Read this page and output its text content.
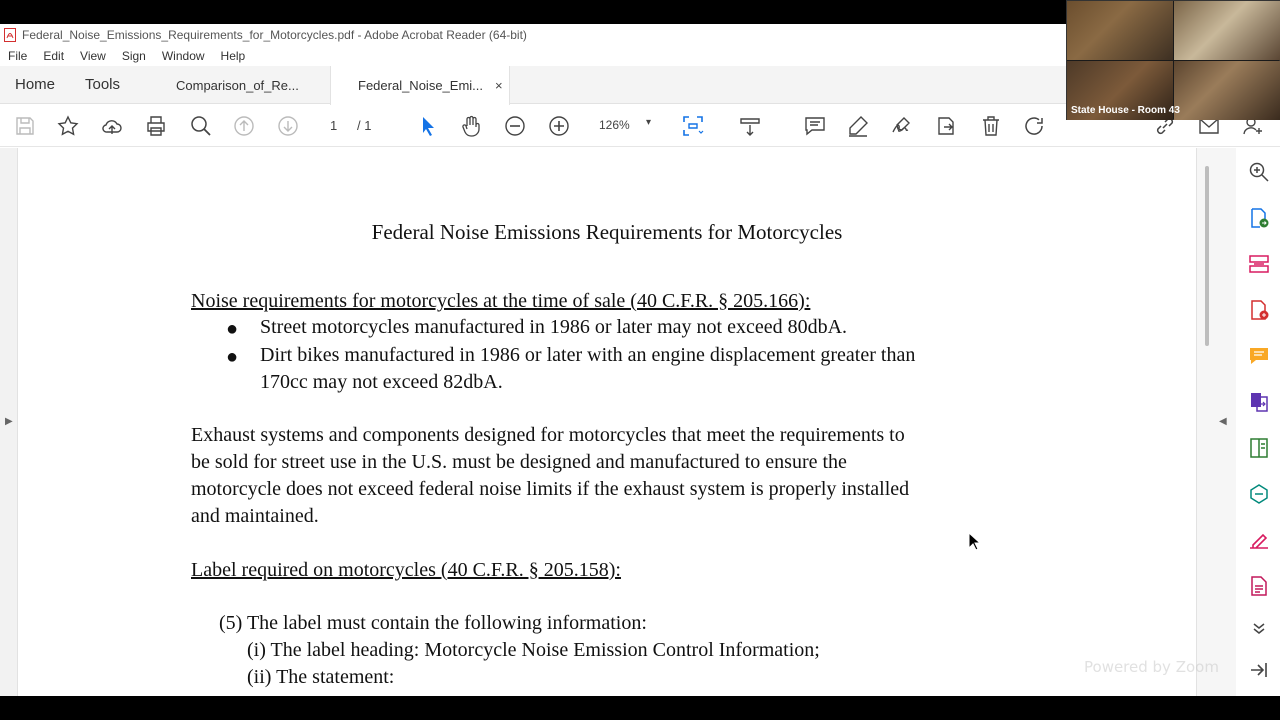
Federal_Noise_Emissions_Requirements_for_Motorcycles.pdf - Adobe Acrobat Reader (64-bit)
File Edit View Sign Window Help
Home Tools	Comparison_of_Re...	Federal_Noise_Emi... ×
1 / 1	126% ▾
▶
Federal Noise Emissions Requirements for Motorcycles
Noise requirements for motorcycles at the time of sale (40 C.F.R. § 205.166):
● Street motorcycles manufactured in 1986 or later may not exceed 80dbA.
● Dirt bikes manufactured in 1986 or later with an engine displacement greater than
170cc may not exceed 82dbA.
Exhaust systems and components designed for motorcycles that meet the requirements to
be sold for street use in the U.S. must be designed and manufactured to ensure the
motorcycle does not exceed federal noise limits if the exhaust system is properly installed
and maintained.
Label required on motorcycles (40 C.F.R. § 205.158):
(5) The label must contain the following information:
(i) The label heading: Motorcycle Noise Emission Control Information;
(ii) The statement:
◀
State House - Room 43
Powered by Zoom
